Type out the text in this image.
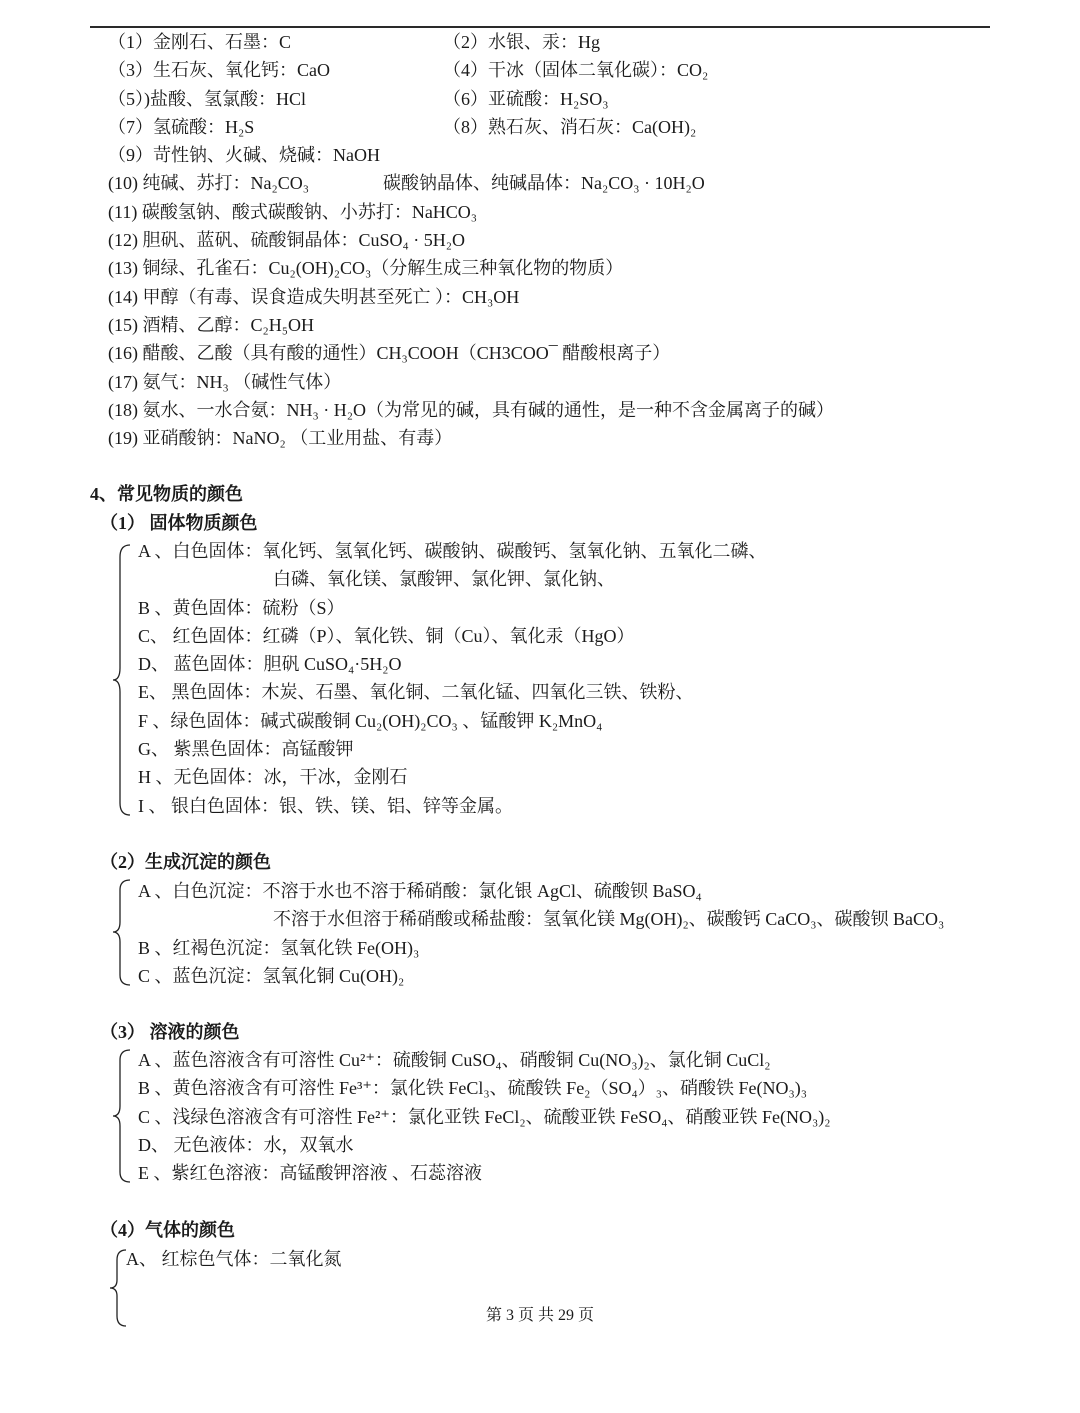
（1）金刚石、石墨：C	（2）水银、汞：Hg
（3）生石灰、氧化钙：CaO	（4）干冰（固体二氧化碳）：CO₂
（5）)盐酸、氢氯酸：HCl	（6）亚硫酸：H₂SO₃
（7）氢硫酸：H₂S	（8）熟石灰、消石灰：Ca(OH)₂
（9）苛性钠、火碱、烧碱：NaOH
(10) 纯碱、苏打：Na₂CO₃	碳酸钠晶体、纯碱晶体：Na₂CO₃ · 10H₂O
(11) 碳酸氢钠、酸式碳酸钠、小苏打：NaHCO₃
(12) 胆矾、蓝矾、硫酸铜晶体：CuSO₄ · 5H₂O
(13) 铜绿、孔雀石：Cu₂(OH)₂CO₃（分解生成三种氧化物的物质）
(14) 甲醇（有毒、误食造成失明甚至死亡 ）：CH₃OH
(15) 酒精、乙醇：C₂H₅OH
(16) 醋酸、乙酸（具有酸的通性）CH₃COOH（CH3COO¯ 醋酸根离子）
(17) 氨气：NH₃ （碱性气体）
(18) 氨水、一水合氨：NH₃ · H₂O（为常见的碱，具有碱的通性，是一种不含金属离子的碱）
(19) 亚硝酸钠：NaNO₂ （工业用盐、有毒）
4、常见物质的颜色
（1） 固体物质颜色
A 、白色固体：氧化钙、氢氧化钙、碳酸钠、碳酸钙、氢氧化钠、五氧化二磷、
白磷、氧化镁、氯酸钾、氯化钾、氯化钠、
B 、黄色固体：硫粉（S）
C、 红色固体：红磷（P）、氧化铁、铜（Cu）、氧化汞（HgO）
D、 蓝色固体：胆矾 CuSO₄·5H₂O
E、 黑色固体：木炭、石墨、氧化铜、二氧化锰、四氧化三铁、铁粉、
F 、绿色固体：碱式碳酸铜 Cu₂(OH)₂CO₃ 、锰酸钾 K₂MnO₄
G、 紫黑色固体：高锰酸钾
H 、无色固体：冰，干冰，金刚石
I 、 银白色固体：银、铁、镁、铝、锌等金属。
（2）生成沉淀的颜色
A 、白色沉淀：不溶于水也不溶于稀硝酸：氯化银 AgCl、硫酸钡 BaSO₄
不溶于水但溶于稀硝酸或稀盐酸：氢氧化镁 Mg(OH)₂、碳酸钙 CaCO₃、碳酸钡 BaCO₃
B 、红褐色沉淀：氢氧化铁 Fe(OH)₃
C 、蓝色沉淀：氢氧化铜 Cu(OH)₂
（3） 溶液的颜色
A 、蓝色溶液含有可溶性 Cu²⁺：硫酸铜 CuSO₄、硝酸铜 Cu(NO₃)₂、氯化铜 CuCl₂
B 、黄色溶液含有可溶性 Fe³⁺：氯化铁 FeCl₃、硫酸铁 Fe₂（SO₄）₃、硝酸铁 Fe(NO₃)₃
C 、浅绿色溶液含有可溶性 Fe²⁺：氯化亚铁 FeCl₂、硫酸亚铁 FeSO₄、硝酸亚铁 Fe(NO₃)₂
D、 无色液体：水，双氧水
E 、紫红色溶液：高锰酸钾溶液 、石蕊溶液
（4）气体的颜色
A、 红棕色气体：二氧化氮
第 3 页 共 29 页
